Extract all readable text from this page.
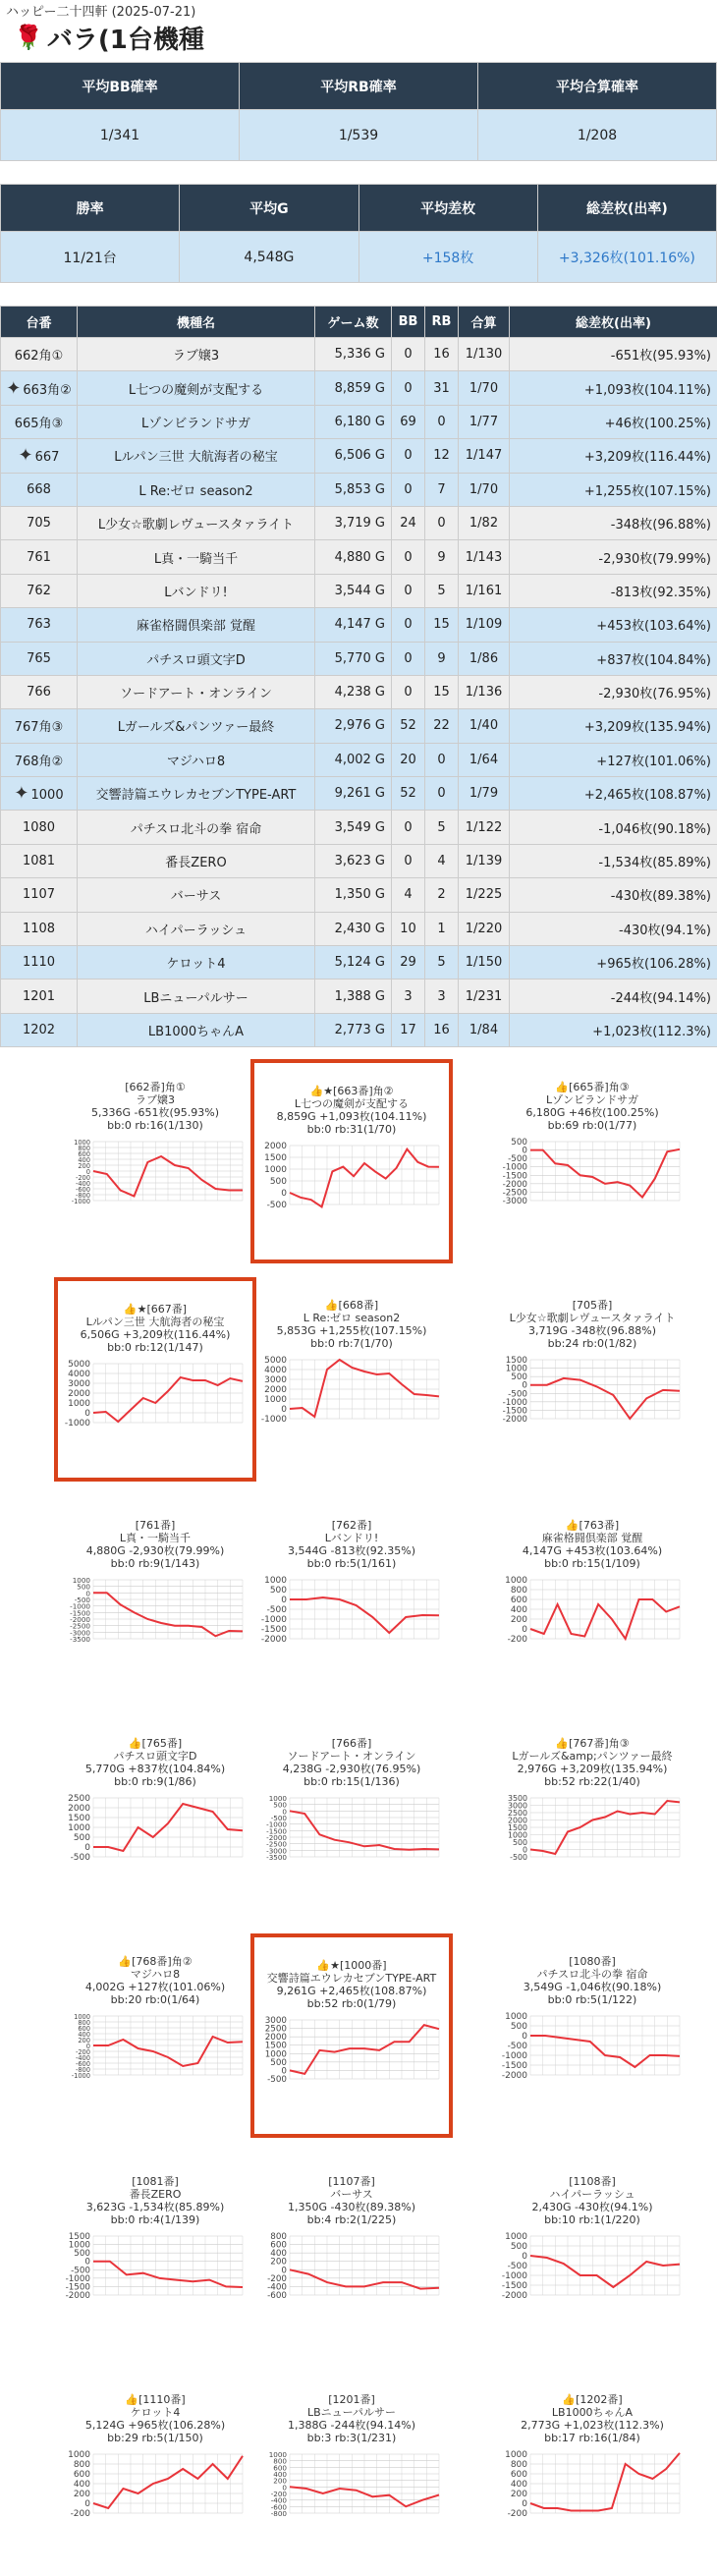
ハッピー二十四軒 (2025-07-21)
🌹 バラ(1台機種
平均BB確率	平均RB確率	平均合算確率
1/341	1/539	1/208
勝率	平均G	平均差枚	総差枚(出率)
11/21台	4,548G	+158枚	+3,326枚(101.16%)
台番	機種名	ゲーム数	BB	RB	合算	総差枚(出率)
662角①	ラブ嬢3	5,336 G	0	16	1/130	-651枚(95.93%)
✦ 663角②	L七つの魔剣が支配する	8,859 G	0	31	1/70	+1,093枚(104.11%)
665角③	Lゾンビランドサガ	6,180 G	69	0	1/77	+46枚(100.25%)
✦ 667	Lルパン三世 大航海者の秘宝	6,506 G	0	12	1/147	+3,209枚(116.44%)
668	L Re:ゼロ season2	5,853 G	0	7	1/70	+1,255枚(107.15%)
705	L少女☆歌劇レヴュースタァライト	3,719 G	24	0	1/82	-348枚(96.88%)
761	L真・一騎当千	4,880 G	0	9	1/143	-2,930枚(79.99%)
762	Lバンドリ!	3,544 G	0	5	1/161	-813枚(92.35%)
763	麻雀格闘倶楽部 覚醒	4,147 G	0	15	1/109	+453枚(103.64%)
765	パチスロ頭文字D	5,770 G	0	9	1/86	+837枚(104.84%)
766	ソードアート・オンライン	4,238 G	0	15	1/136	-2,930枚(76.95%)
767角③	Lガールズ&パンツァー最終	2,976 G	52	22	1/40	+3,209枚(135.94%)
768角②	マジハロ8	4,002 G	20	0	1/64	+127枚(101.06%)
✦ 1000	交響詩篇エウレカセブンTYPE-ART	9,261 G	52	0	1/79	+2,465枚(108.87%)
1080	パチスロ北斗の拳 宿命	3,549 G	0	5	1/122	-1,046枚(90.18%)
1081	番長ZERO	3,623 G	0	4	1/139	-1,534枚(85.89%)
1107	バーサス	1,350 G	4	2	1/225	-430枚(89.38%)
1108	ハイパーラッシュ	2,430 G	10	1	1/220	-430枚(94.1%)
1110	ケロット4	5,124 G	29	5	1/150	+965枚(106.28%)
1201	LBニューパルサー	1,388 G	3	3	1/231	-244枚(94.14%)
1202	LB1000ちゃんA	2,773 G	17	16	1/84	+1,023枚(112.3%)
[662番]角①
ラブ嬢3
5,336G -651枚(95.93%)
bb:0 rb:16(1/130)
1000
800
600
400
200
0
-200
-400
-600
-800
-1000
👍★[663番]角②
L七つの魔剣が支配する
8,859G +1,093枚(104.11%)
bb:0 rb:31(1/70)
2000
1500
1000
500
0
-500
👍[665番]角③
Lゾンビランドサガ
6,180G +46枚(100.25%)
bb:69 rb:0(1/77)
500
0
-500
-1000
-1500
-2000
-2500
-3000
👍★[667番]
Lルパン三世 大航海者の秘宝
6,506G +3,209枚(116.44%)
bb:0 rb:12(1/147)
5000
4000
3000
2000
1000
0
-1000
👍[668番]
L Re:ゼロ season2
5,853G +1,255枚(107.15%)
bb:0 rb:7(1/70)
5000
4000
3000
2000
1000
0
-1000
[705番]
L少女☆歌劇レヴュースタァライト
3,719G -348枚(96.88%)
bb:24 rb:0(1/82)
1500
1000
500
0
-500
-1000
-1500
-2000
[761番]
L真・一騎当千
4,880G -2,930枚(79.99%)
bb:0 rb:9(1/143)
1000
500
0
-500
-1000
-1500
-2000
-2500
-3000
-3500
[762番]
Lバンドリ!
3,544G -813枚(92.35%)
bb:0 rb:5(1/161)
1000
500
0
-500
-1000
-1500
-2000
👍[763番]
麻雀格闘倶楽部 覚醒
4,147G +453枚(103.64%)
bb:0 rb:15(1/109)
1000
800
600
400
200
0
-200
👍[765番]
パチスロ頭文字D
5,770G +837枚(104.84%)
bb:0 rb:9(1/86)
2500
2000
1500
1000
500
0
-500
[766番]
ソードアート・オンライン
4,238G -2,930枚(76.95%)
bb:0 rb:15(1/136)
1000
500
0
-500
-1000
-1500
-2000
-2500
-3000
-3500
👍[767番]角③
Lガールズ&amp;パンツァー最終
2,976G +3,209枚(135.94%)
bb:52 rb:22(1/40)
3500
3000
2500
2000
1500
1000
500
0
-500
👍[768番]角②
マジハロ8
4,002G +127枚(101.06%)
bb:20 rb:0(1/64)
1000
800
600
400
200
0
-200
-400
-600
-800
-1000
👍★[1000番]
交響詩篇エウレカセブンTYPE-ART
9,261G +2,465枚(108.87%)
bb:52 rb:0(1/79)
3000
2500
2000
1500
1000
500
0
-500
[1080番]
パチスロ北斗の拳 宿命
3,549G -1,046枚(90.18%)
bb:0 rb:5(1/122)
1000
500
0
-500
-1000
-1500
-2000
[1081番]
番長ZERO
3,623G -1,534枚(85.89%)
bb:0 rb:4(1/139)
1500
1000
500
0
-500
-1000
-1500
-2000
[1107番]
バーサス
1,350G -430枚(89.38%)
bb:4 rb:2(1/225)
800
600
400
200
0
-200
-400
-600
[1108番]
ハイパーラッシュ
2,430G -430枚(94.1%)
bb:10 rb:1(1/220)
1000
500
0
-500
-1000
-1500
-2000
👍[1110番]
ケロット4
5,124G +965枚(106.28%)
bb:29 rb:5(1/150)
1000
800
600
400
200
0
-200
[1201番]
LBニューパルサー
1,388G -244枚(94.14%)
bb:3 rb:3(1/231)
1000
800
600
400
200
0
-200
-400
-600
-800
👍[1202番]
LB1000ちゃんA
2,773G +1,023枚(112.3%)
bb:17 rb:16(1/84)
1000
800
600
400
200
0
-200
